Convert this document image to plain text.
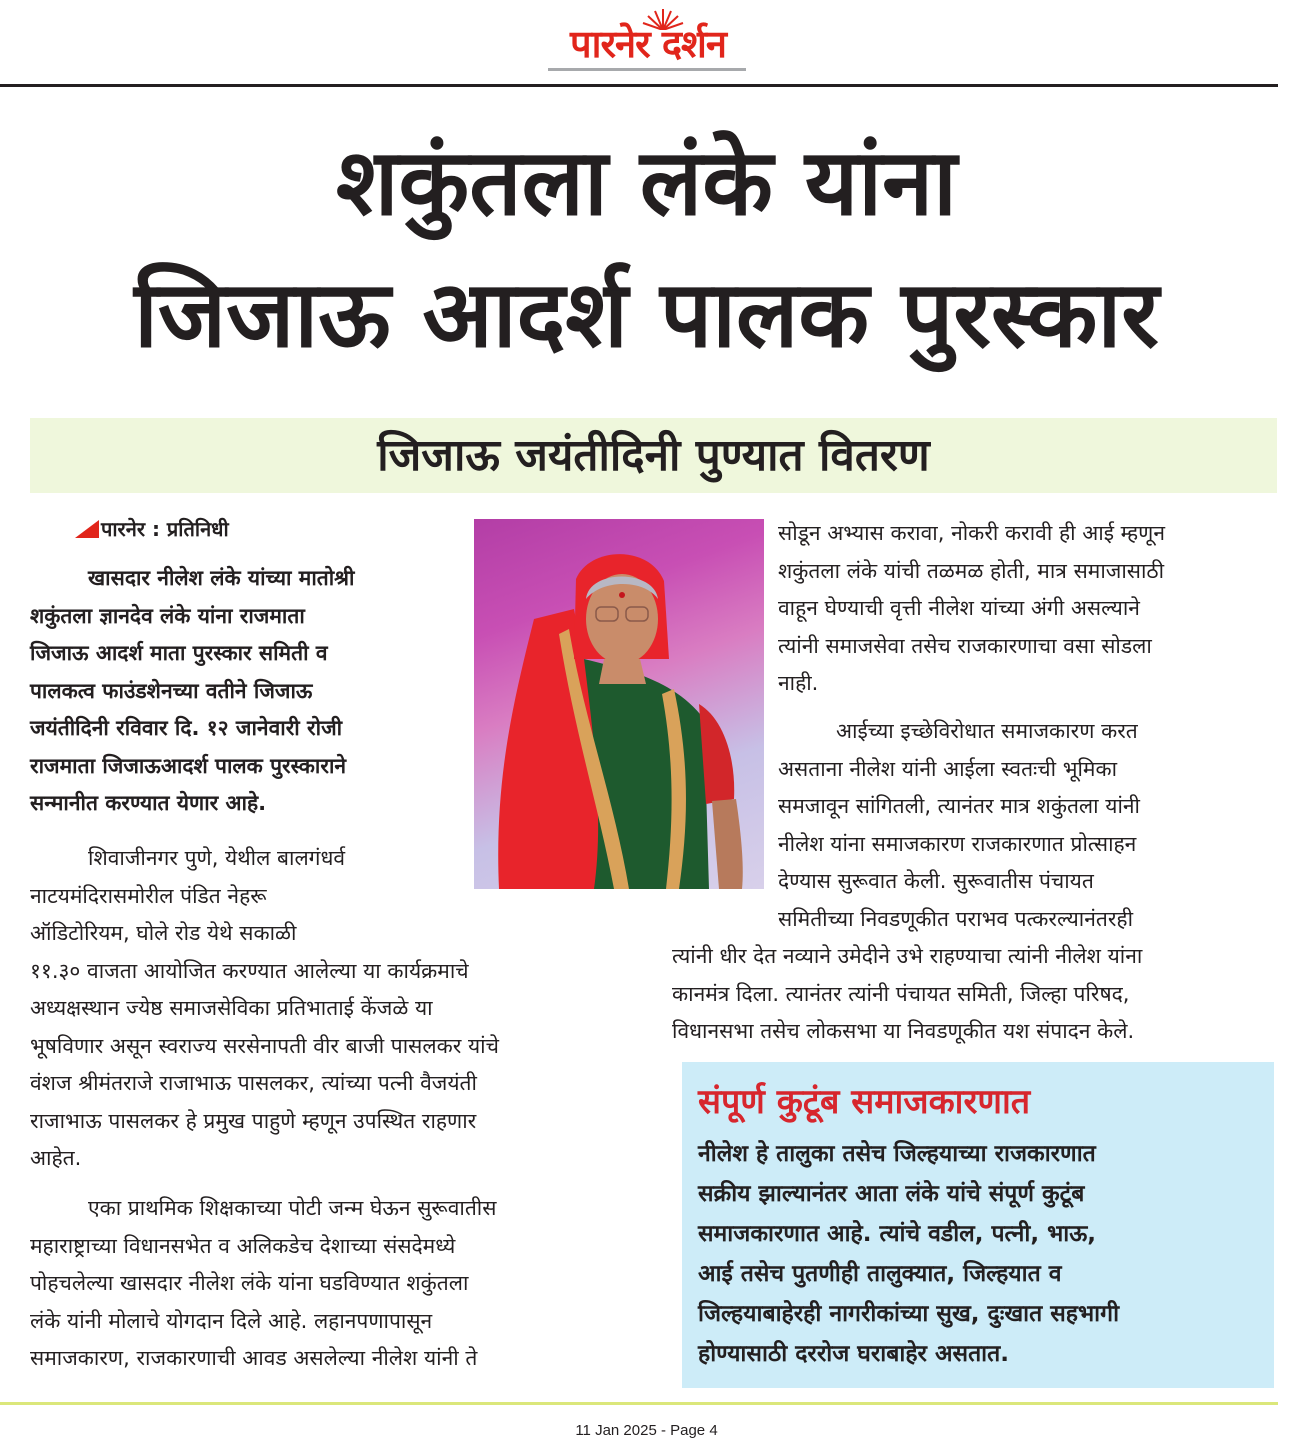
पारनेर दर्शन
शकुंतला लंके यांना
जिजाऊ आदर्श पालक पुरस्कार
जिजाऊ जयंतीदिनी पुण्यात वितरण
पारनेर : प्रतिनिधी
खासदार नीलेश लंके यांच्या मातोश्री
शकुंतला ज्ञानदेव लंके यांना राजमाता
जिजाऊ आदर्श माता पुरस्कार समिती व
पालकत्व फाउंडशेनच्या वतीने जिजाऊ
जयंतीदिनी रविवार दि. १२ जानेवारी रोजी
राजमाता जिजाऊआदर्श पालक पुरस्काराने
सन्मानीत करण्यात येणार आहे.
शिवाजीनगर पुणे, येथील बालगंधर्व
नाटयमंदिरासमोरील पंडित नेहरू
ऑडिटोरियम, घोले रोड येथे सकाळी
११.३० वाजता आयोजित करण्यात आलेल्या या कार्यक्रमाचे
अध्यक्षस्थान ज्येष्ठ समाजसेविका प्रतिभाताई केंजळे या
भूषविणार असून स्वराज्य सरसेनापती वीर बाजी पासलकर यांचे
वंशज श्रीमंतराजे राजाभाऊ पासलकर, त्यांच्या पत्नी वैजयंती
राजाभाऊ पासलकर हे प्रमुख पाहुणे म्हणून उपस्थित राहणार
आहेत.
एका प्राथमिक शिक्षकाच्या पोटी जन्म घेऊन सुरूवातीस
महाराष्ट्राच्या विधानसभेत व अलिकडेच देशाच्या संसदेमध्ये
पोहचलेल्या खासदार नीलेश लंके यांना घडविण्यात शकुंतला
लंके यांनी मोलाचे योगदान दिले आहे. लहानपणापासून
समाजकारण, राजकारणाची आवड असलेल्या नीलेश यांनी ते
सोडून अभ्यास करावा, नोकरी करावी ही आई म्हणून
शकुंतला लंके यांची तळमळ होती, मात्र समाजासाठी
वाहून घेण्याची वृत्ती नीलेश यांच्या अंगी असल्याने
त्यांनी समाजसेवा तसेच राजकारणाचा वसा सोडला
नाही.
आईच्या इच्छेविरोधात समाजकारण करत
असताना नीलेश यांनी आईला स्वतःची भूमिका
समजावून सांगितली, त्यानंतर मात्र शकुंतला यांनी
नीलेश यांना समाजकारण राजकारणात प्रोत्साहन
देण्यास सुरूवात केली. सुरूवातीस पंचायत
समितीच्या निवडणूकीत पराभव पत्करल्यानंतरही
त्यांनी धीर देत नव्याने उमेदीने उभे राहण्याचा त्यांनी नीलेश यांना
कानमंत्र दिला. त्यानंतर त्यांनी पंचायत समिती, जिल्हा परिषद,
विधानसभा तसेच लोकसभा या निवडणूकीत यश संपादन केले.
संपूर्ण कुटूंब समाजकारणात
नीलेश हे तालुका तसेच जिल्हयाच्या राजकारणात
सक्रीय झाल्यानंतर आता लंके यांचे संपूर्ण कुटूंब
समाजकारणात आहे. त्यांचे वडील, पत्नी, भाऊ,
आई तसेच पुतणीही तालुक्यात, जिल्हयात व
जिल्हयाबाहेरही नागरीकांच्या सुख, दुःखात सहभागी
होण्यासाठी दररोज घराबाहेर असतात.
11 Jan 2025 - Page 4
